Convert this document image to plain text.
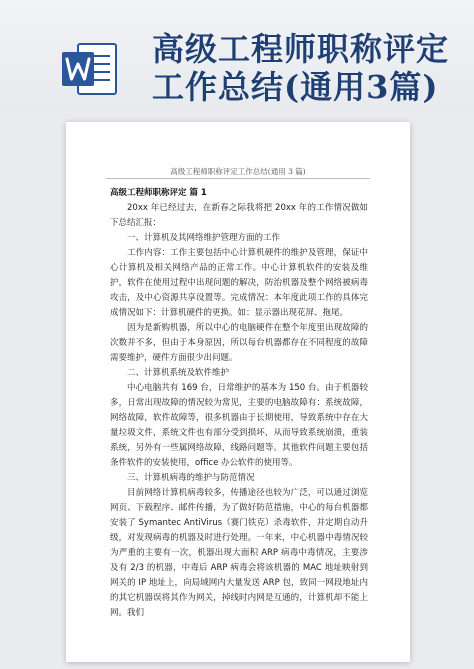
高级工程师职称评定工作总结(通用3篇)
高级工程师职称评定工作总结(通用 3 篇)

高级工程师职称评定 篇 1

20xx 年已经过去，在新春之际我将把 20xx 年的工作情况做如下总结汇报：

一、计算机及其网络维护管理方面的工作

工作内容：工作主要包括中心计算机硬件的维护及管理，保证中心计算机及相关网络产品的正常工作。中心计算机软件的安装及维护，软件在使用过程中出现问题的解决，防治机器及整个网络被病毒攻击，及中心资源共享设置等。完成情况：本年度此项工作的具体完成情况如下：计算机硬件的更换。如：显示器出现花屏、拖尾。

因为是新购机器，所以中心的电脑硬件在整个年度里出现故障的次数并不多，但由于本身原因，所以每台机器都存在不同程度的故障需要维护，硬件方面很少出问题。

二、计算机系统及软件维护

中心电脑共有 169 台，日常维护的基本为 150 台。由于机器较多，日常出现故障的情况较为常见，主要的电脑故障有：系统故障，网络故障，软件故障等，很多机器由于长期使用，导致系统中存在大量垃圾文件，系统文件也有部分受到损坏，从而导致系统崩溃，重装系统，另外有一些属网络故障，线路问题等。其他软件问题主要包括条件软件的安装使用，office 办公软件的使用等。

三、计算机病毒的维护与防范情况

目前网络计算机病毒较多，传播途径也较为广泛，可以通过浏览网页、下载程序、邮件传播，为了做好防范措施，中心的每台机器都安装了 Symantec AntiVirus（赛门铁克）杀毒软件，并定期自动升级，对发现病毒的机器及时进行处理。一年来，中心机器中毒情况较为严重的主要有一次，机器出现大面积 ARP 病毒中毒情况，主要涉及有 2/3 的机器，中毒后 ARP 病毒会将该机器的 MAC 地址映射到网关的 IP 地址上，向局域网内大量发送 ARP 包，致同一网段地址内的其它机器误将其作为网关，掉线时内网是互通的，计算机却不能上网。我们
